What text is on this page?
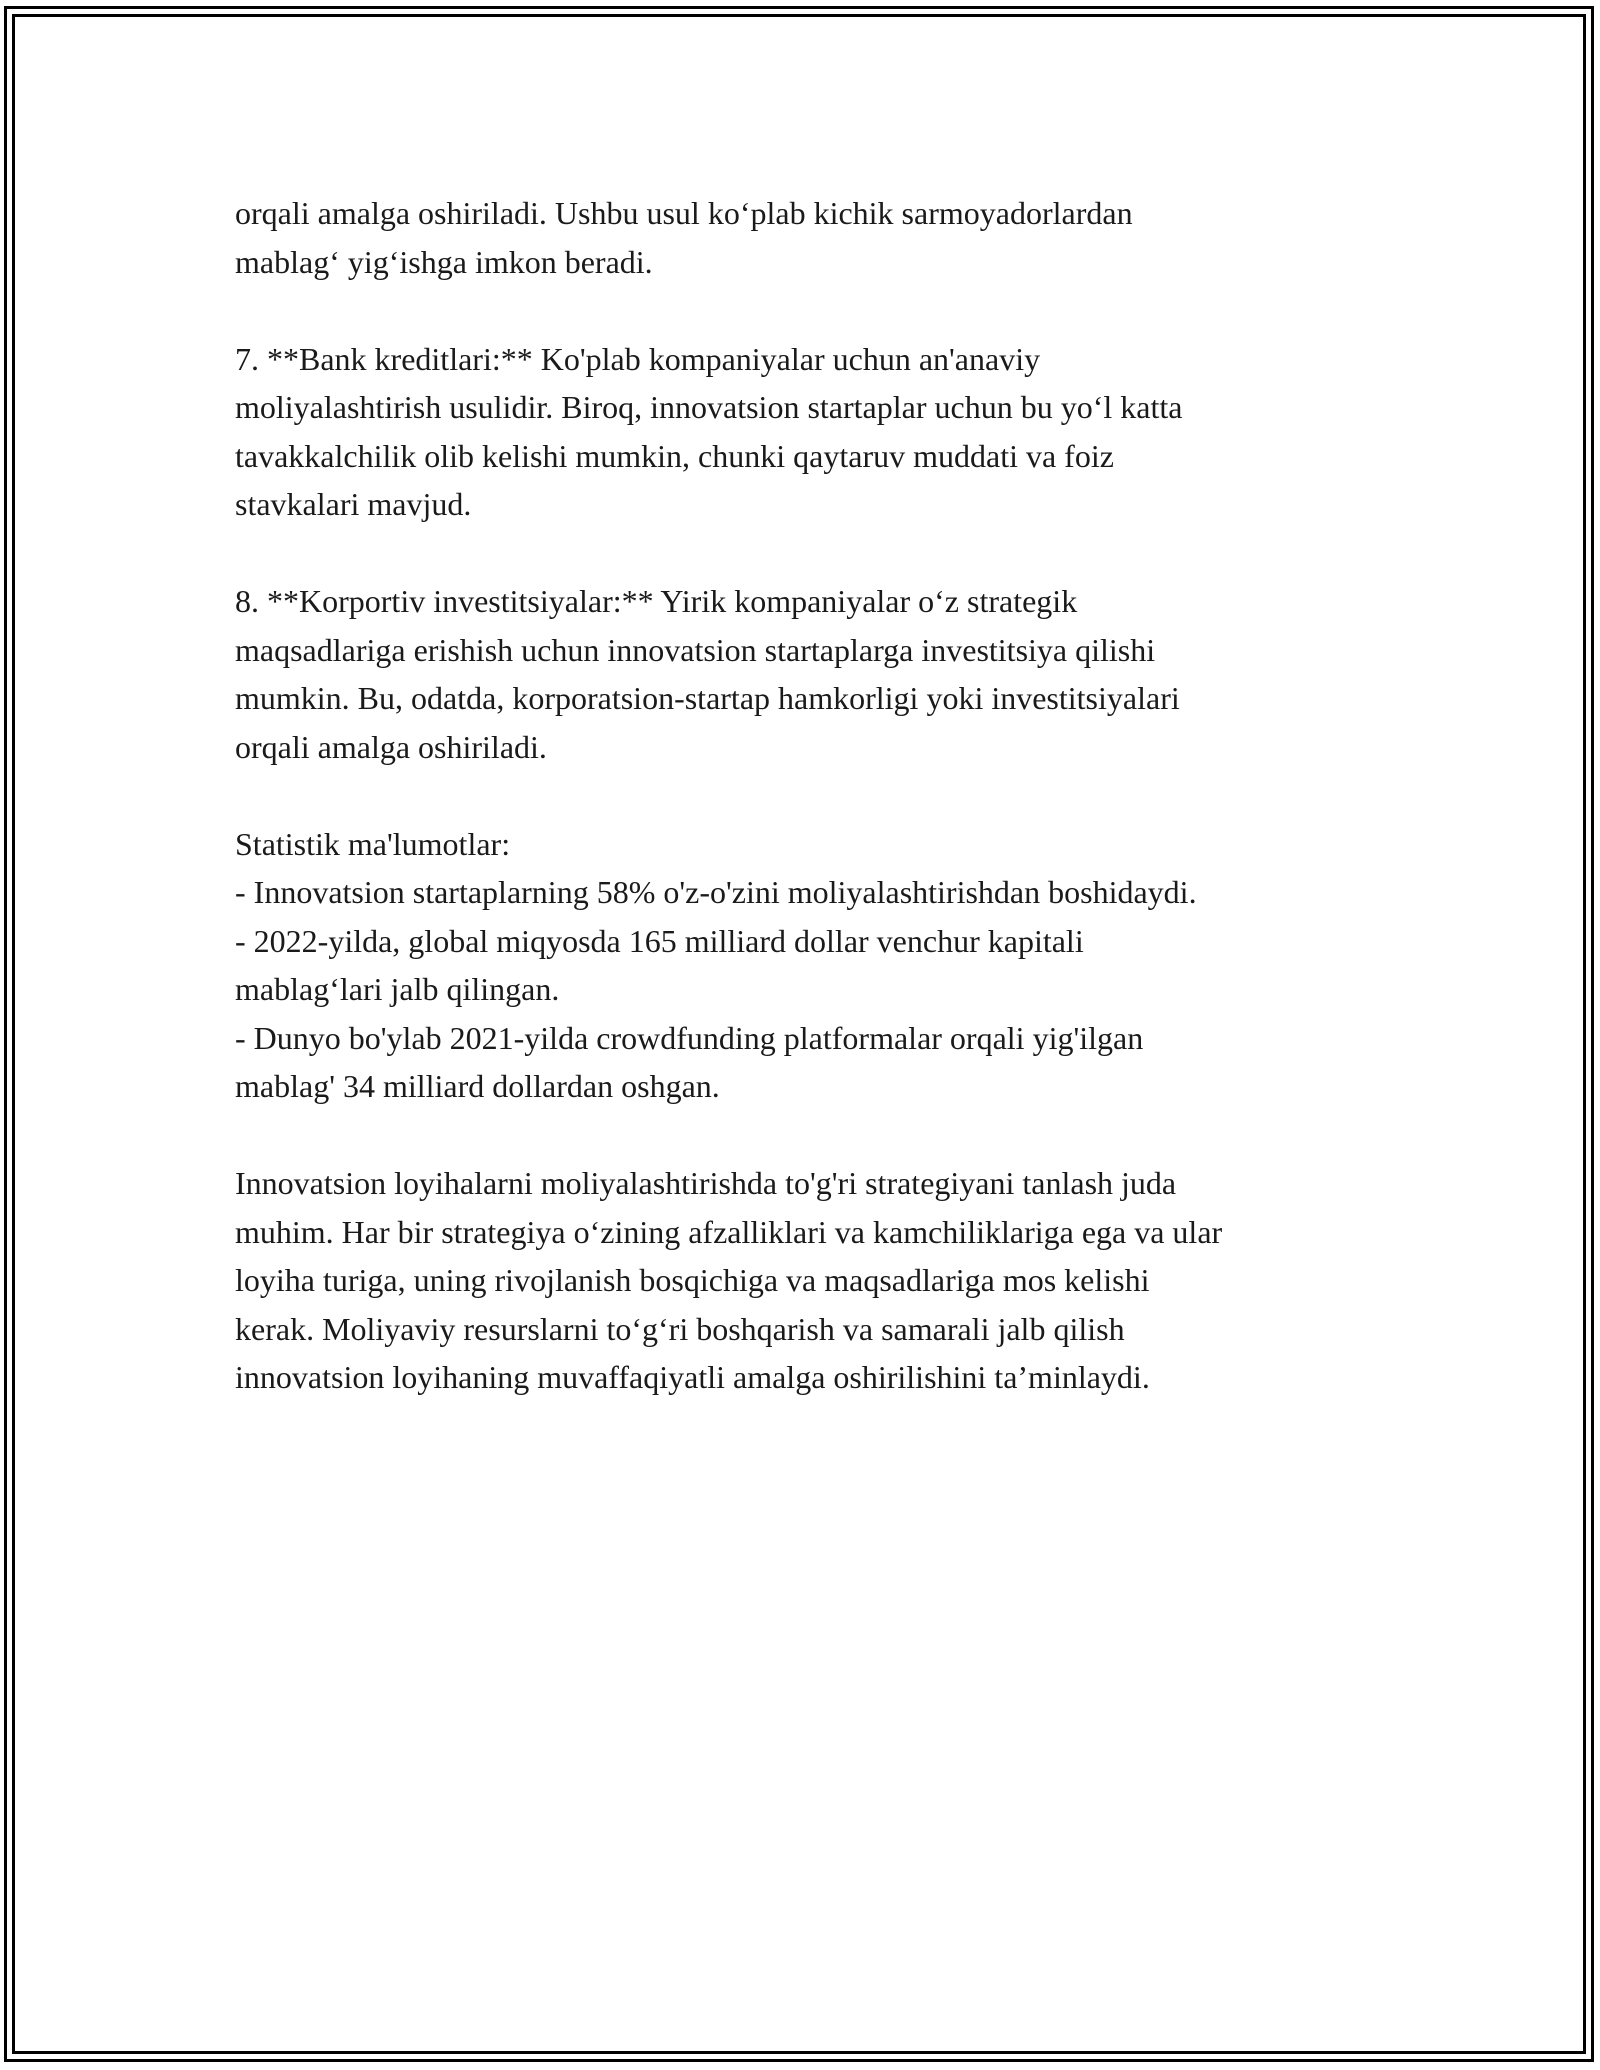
orqali amalga oshiriladi. Ushbu usul ko‘plab kichik sarmoyadorlardan
mablag‘ yig‘ishga imkon beradi.
7. **Bank kreditlari:** Ko'plab kompaniyalar uchun an'anaviy
moliyalashtirish usulidir. Biroq, innovatsion startaplar uchun bu yo‘l katta
tavakkalchilik olib kelishi mumkin, chunki qaytaruv muddati va foiz
stavkalari mavjud.
8. **Korportiv investitsiyalar:** Yirik kompaniyalar o‘z strategik
maqsadlariga erishish uchun innovatsion startaplarga investitsiya qilishi
mumkin. Bu, odatda, korporatsion-startap hamkorligi yoki investitsiyalari
orqali amalga oshiriladi.
Statistik ma'lumotlar:
- Innovatsion startaplarning 58% o'z-o'zini moliyalashtirishdan boshidaydi.
- 2022-yilda, global miqyosda 165 milliard dollar venchur kapitali
mablag‘lari jalb qilingan.
- Dunyo bo'ylab 2021-yilda crowdfunding platformalar orqali yig'ilgan
mablag' 34 milliard dollardan oshgan.
Innovatsion loyihalarni moliyalashtirishda to'g'ri strategiyani tanlash juda
muhim. Har bir strategiya o‘zining afzalliklari va kamchiliklariga ega va ular
loyiha turiga, uning rivojlanish bosqichiga va maqsadlariga mos kelishi
kerak. Moliyaviy resurslarni to‘g‘ri boshqarish va samarali jalb qilish
innovatsion loyihaning muvaffaqiyatli amalga oshirilishini ta’minlaydi.
